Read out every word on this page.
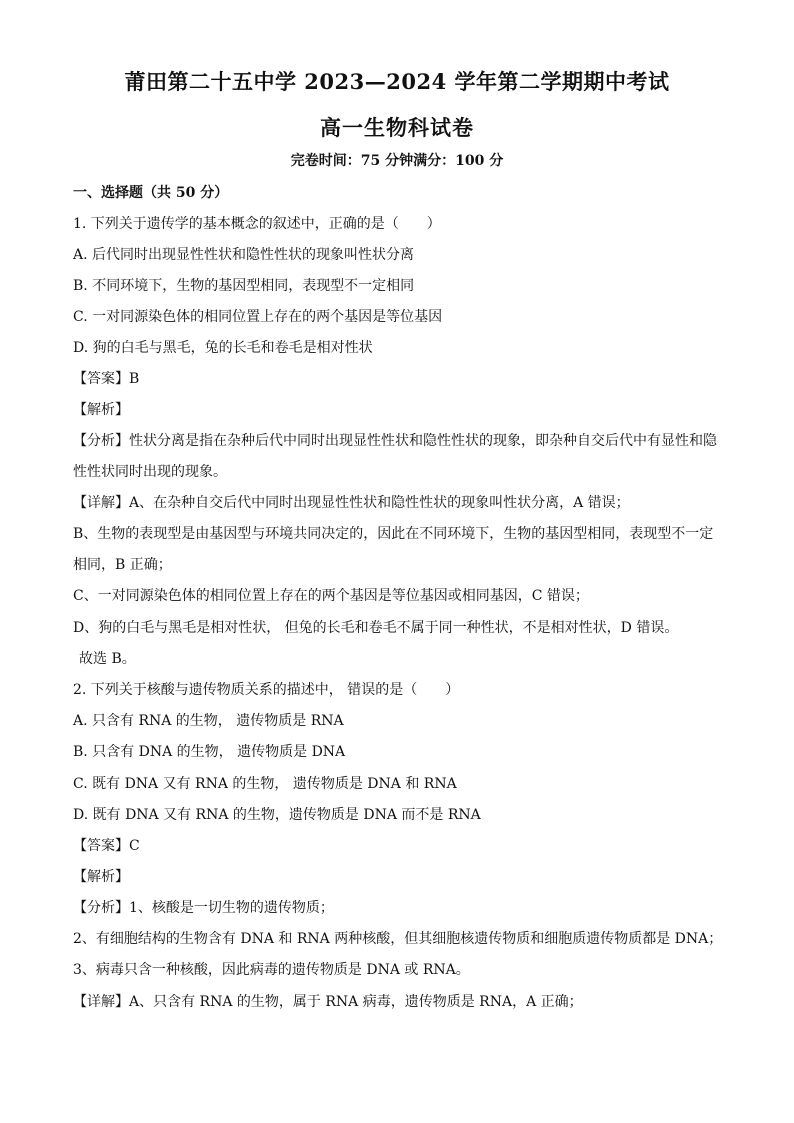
莆田第二十五中学 2023—2024 学年第二学期期中考试
高一生物科试卷
完卷时间：75 分钟满分：100 分
一、选择题（共 50 分）
1. 下列关于遗传学的基本概念的叙述中，正确的是（　　）
A. 后代同时出现显性性状和隐性性状的现象叫性状分离
B. 不同环境下，生物的基因型相同，表现型不一定相同
C. 一对同源染色体的相同位置上存在的两个基因是等位基因
D. 狗的白毛与黑毛，兔的长毛和卷毛是相对性状
【答案】B
【解析】
【分析】性状分离是指在杂种后代中同时出现显性性状和隐性性状的现象，即杂种自交后代中有显性和隐
性性状同时出现的现象。
【详解】A、在杂种自交后代中同时出现显性性状和隐性性状的现象叫性状分离，A 错误；
B、生物的表现型是由基因型与环境共同决定的，因此在不同环境下，生物的基因型相同，表现型不一定
相同，B 正确；
C、一对同源染色体的相同位置上存在的两个基因是等位基因或相同基因，C 错误；
D、狗的白毛与黑毛是相对性状， 但兔的长毛和卷毛不属于同一种性状，不是相对性状，D 错误。
故选 B。
2. 下列关于核酸与遗传物质关系的描述中， 错误的是（　　）
A. 只含有 RNA 的生物， 遗传物质是 RNA
B. 只含有 DNA 的生物， 遗传物质是 DNA
C. 既有 DNA 又有 RNA 的生物， 遗传物质是 DNA 和 RNA
D. 既有 DNA 又有 RNA 的生物，遗传物质是 DNA 而不是 RNA
【答案】C
【解析】
【分析】1、核酸是一切生物的遗传物质；
2、有细胞结构的生物含有 DNA 和 RNA 两种核酸，但其细胞核遗传物质和细胞质遗传物质都是 DNA；
3、病毒只含一种核酸，因此病毒的遗传物质是 DNA 或 RNA。
【详解】A、只含有 RNA 的生物，属于 RNA 病毒，遗传物质是 RNA，A 正确；
